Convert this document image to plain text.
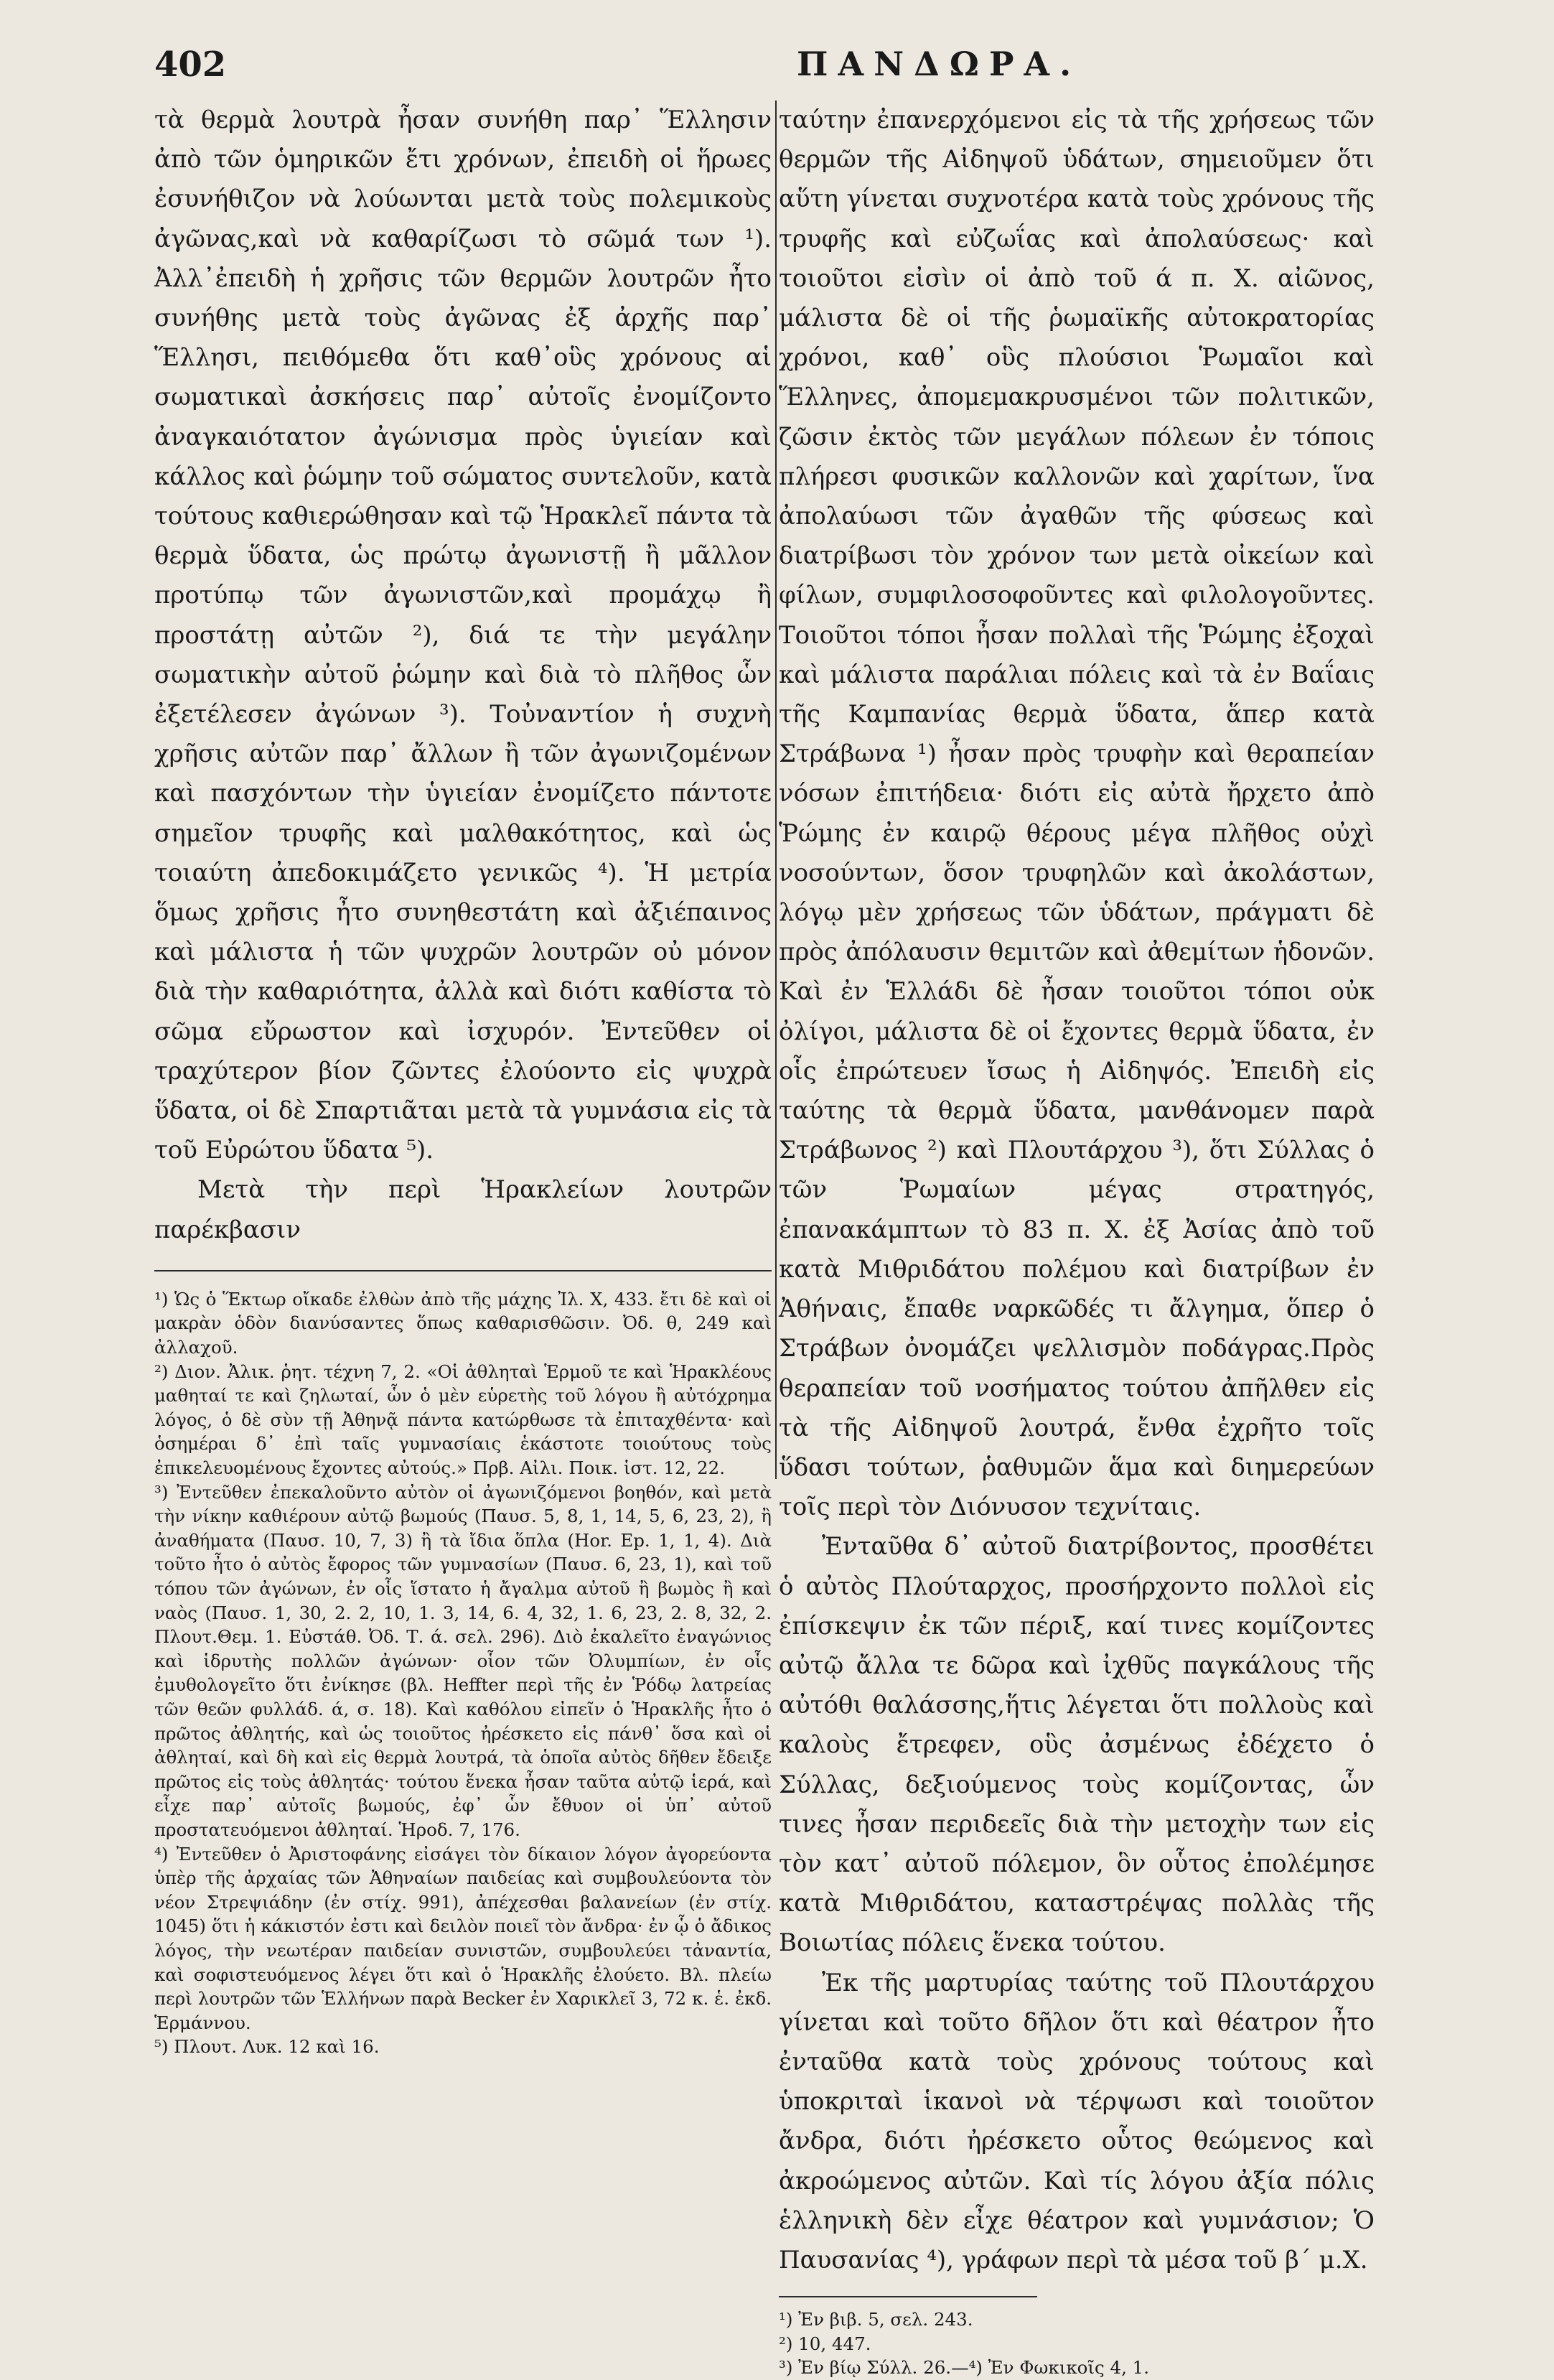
402	ΠΑΝΔΩΡΑ.

τὰ θερμὰ λουτρὰ ἦσαν συνήθη παρ᾽ Ἕλλησιν ἀπὸ τῶν ὁμηρικῶν ἔτι χρόνων, ἐπειδὴ οἱ ἥρωες ἐσυνήθιζον νὰ λούωνται μετὰ τοὺς πολεμικοὺς ἀγῶνας,καὶ νὰ καθαρίζωσι τὸ σῶμά των ¹). Ἀλλ᾽ἐπειδὴ ἡ χρῆσις τῶν θερμῶν λουτρῶν ἦτο συνήθης μετὰ τοὺς ἀγῶνας ἐξ ἀρχῆς παρ᾽ Ἕλλησι, πειθόμεθα ὅτι καθ᾽οὓς χρόνους αἱ σωματικαὶ ἀσκήσεις παρ᾽ αὐτοῖς ἐνομίζοντο ἀναγκαιότατον ἀγώνισμα πρὸς ὑγιείαν καὶ κάλλος καὶ ῥώμην τοῦ σώματος συντελοῦν, κατὰ τούτους καθιερώθησαν καὶ τῷ Ἡρακλεῖ πάντα τὰ θερμὰ ὕδατα, ὡς πρώτῳ ἀγωνιστῇ ἢ μᾶλλον προτύπῳ τῶν ἀγωνιστῶν,καὶ προμάχῳ ἢ προστάτῃ αὐτῶν ²), διά τε τὴν μεγάλην σωματικὴν αὐτοῦ ῥώμην καὶ διὰ τὸ πλῆθος ὧν ἐξετέλεσεν ἀγώνων ³). Τοὐναντίον ἡ συχνὴ χρῆσις αὐτῶν παρ᾽ ἄλλων ἢ τῶν ἀγωνιζομένων καὶ πασχόντων τὴν ὑγιείαν ἐνομίζετο πάντοτε σημεῖον τρυφῆς καὶ μαλθακότητος, καὶ ὡς τοιαύτη ἀπεδοκιμάζετο γενικῶς ⁴). Ἡ μετρία ὅμως χρῆσις ἦτο συνηθεστάτη καὶ ἀξιέπαινος καὶ μάλιστα ἡ τῶν ψυχρῶν λουτρῶν οὐ μόνον διὰ τὴν καθαριότητα, ἀλλὰ καὶ διότι καθίστα τὸ σῶμα εὔρωστον καὶ ἰσχυρόν. Ἐντεῦθεν οἱ τραχύτερον βίον ζῶντες ἐλούοντο εἰς ψυχρὰ ὕδατα, οἱ δὲ Σπαρτιᾶται μετὰ τὰ γυμνάσια εἰς τὰ τοῦ Εὐρώτου ὕδατα ⁵).

Μετὰ τὴν περὶ Ἡρακλείων λουτρῶν παρέκβασιν

¹) Ὡς ὁ Ἕκτωρ οἴκαδε ἐλθὼν ἀπὸ τῆς μάχης Ἰλ. Χ, 433. ἔτι δὲ καὶ οἱ μακρὰν ὁδὸν διανύσαντες ὅπως καθαρισθῶσιν. Ὀδ. θ, 249 καὶ ἀλλαχοῦ.

²) Διον. Ἀλικ. ῥητ. τέχνη 7, 2. «Οἱ ἀθληταὶ Ἑρμοῦ τε καὶ Ἡρακλέους μαθηταί τε καὶ ζηλωταί, ὧν ὁ μὲν εὑρετὴς τοῦ λόγου ἢ αὐτόχρημα λόγος, ὁ δὲ σὺν τῇ Ἀθηνᾷ πάντα κατώρθωσε τὰ ἐπιταχθέντα· καὶ ὁσημέραι δ᾽ ἐπὶ ταῖς γυμνασίαις ἑκάστοτε τοιούτους τοὺς ἐπικελευομένους ἔχοντες αὐτούς.» Πρβ. Αἰλι. Ποικ. ἱστ. 12, 22.

³) Ἐντεῦθεν ἐπεκαλοῦντο αὐτὸν οἱ ἀγωνιζόμενοι βοηθόν, καὶ μετὰ τὴν νίκην καθιέρουν αὐτῷ βωμούς (Παυσ. 5, 8, 1, 14, 5, 6, 23, 2), ἢ ἀναθήματα (Παυσ. 10, 7, 3) ἢ τὰ ἴδια ὅπλα (Hor. Ep. 1, 1, 4). Διὰ τοῦτο ἦτο ὁ αὐτὸς ἔφορος τῶν γυμνασίων (Παυσ. 6, 23, 1), καὶ τοῦ τόπου τῶν ἀγώνων, ἐν οἷς ἵστατο ἡ ἄγαλμα αὐτοῦ ἢ βωμὸς ἢ καὶ ναὸς (Παυσ. 1, 30, 2. 2, 10, 1. 3, 14, 6. 4, 32, 1. 6, 23, 2. 8, 32, 2. Πλουτ.Θεμ. 1. Εὐστάθ. Ὀδ. Τ. ά. σελ. 296). Διὸ ἐκαλεῖτο ἐναγώνιος καὶ ἱδρυτὴς πολλῶν ἀγώνων· οἷον τῶν Ὀλυμπίων, ἐν οἷς ἐμυθολογεῖτο ὅτι ἐνίκησε (βλ. Heffter περὶ τῆς ἐν Ῥόδῳ λατρείας τῶν θεῶν φυλλάδ. ά, σ. 18). Καὶ καθόλου εἰπεῖν ὁ Ἡρακλῆς ἦτο ὁ πρῶτος ἀθλητής, καὶ ὡς τοιοῦτος ἠρέσκετο εἰς πάνθ᾽ ὅσα καὶ οἱ ἀθληταί, καὶ δὴ καὶ εἰς θερμὰ λουτρά, τὰ ὁποῖα αὐτὸς δῆθεν ἔδειξε πρῶτος εἰς τοὺς ἀθλητάς· τούτου ἕνεκα ἦσαν ταῦτα αὐτῷ ἱερά, καὶ εἶχε παρ᾽ αὐτοῖς βωμούς, ἐφ᾽ ὧν ἔθυον οἱ ὑπ᾽ αὐτοῦ προστατευόμενοι ἀθληταί. Ἡροδ. 7, 176.

⁴) Ἐντεῦθεν ὁ Ἀριστοφάνης εἰσάγει τὸν δίκαιον λόγον ἀγορεύοντα ὑπὲρ τῆς ἀρχαίας τῶν Ἀθηναίων παιδείας καὶ συμβουλεύοντα τὸν νέον Στρεψιάδην (ἐν στίχ. 991), ἀπέχεσθαι βαλανείων (ἐν στίχ. 1045) ὅτι ἡ κάκιστόν ἐστι καὶ δειλὸν ποιεῖ τὸν ἄνδρα· ἐν ᾧ ὁ ἄδικος λόγος, τὴν νεωτέραν παιδείαν συνιστῶν, συμβουλεύει τἀναντία, καὶ σοφιστευόμενος λέγει ὅτι καὶ ὁ Ἡρακλῆς ἐλούετο. Βλ. πλείω περὶ λουτρῶν τῶν Ἑλλήνων παρὰ Becker ἐν Χαρικλεῖ 3, 72 κ. ἑ. ἐκδ. Ἑρμάννου.

⁵) Πλουτ. Λυκ. 12 καὶ 16.

ταύτην ἐπανερχόμενοι εἰς τὰ τῆς χρήσεως τῶν θερμῶν τῆς Αἰδηψοῦ ὑδάτων, σημειοῦμεν ὅτι αὕτη γίνεται συχνοτέρα κατὰ τοὺς χρόνους τῆς τρυφῆς καὶ εὐζωΐας καὶ ἀπολαύσεως· καὶ τοιοῦτοι εἰσὶν οἱ ἀπὸ τοῦ ά π. Χ. αἰῶνος, μάλιστα δὲ οἱ τῆς ῥωμαϊκῆς αὐτοκρατορίας χρόνοι, καθ᾽ οὓς πλούσιοι Ῥωμαῖοι καὶ Ἕλληνες, ἀπομεμακρυσμένοι τῶν πολιτικῶν, ζῶσιν ἐκτὸς τῶν μεγάλων πόλεων ἐν τόποις πλήρεσι φυσικῶν καλλονῶν καὶ χαρίτων, ἵνα ἀπολαύωσι τῶν ἀγαθῶν τῆς φύσεως καὶ διατρίβωσι τὸν χρόνον των μετὰ οἰκείων καὶ φίλων, συμφιλοσοφοῦντες καὶ φιλολογοῦντες. Τοιοῦτοι τόποι ἦσαν πολλαὶ τῆς Ῥώμης ἐξοχαὶ καὶ μάλιστα παράλιαι πόλεις καὶ τὰ ἐν Βαΐαις τῆς Καμπανίας θερμὰ ὕδατα, ἅπερ κατὰ Στράβωνα ¹) ἦσαν πρὸς τρυφὴν καὶ θεραπείαν νόσων ἐπιτήδεια· διότι εἰς αὐτὰ ἤρχετο ἀπὸ Ῥώμης ἐν καιρῷ θέρους μέγα πλῆθος οὐχὶ νοσούντων, ὅσον τρυφηλῶν καὶ ἀκολάστων, λόγῳ μὲν χρήσεως τῶν ὑδάτων, πράγματι δὲ πρὸς ἀπόλαυσιν θεμιτῶν καὶ ἀθεμίτων ἡδονῶν. Καὶ ἐν Ἑλλάδι δὲ ἦσαν τοιοῦτοι τόποι οὐκ ὀλίγοι, μάλιστα δὲ οἱ ἔχοντες θερμὰ ὕδατα, ἐν οἷς ἐπρώτευεν ἴσως ἡ Αἰδηψός. Ἐπειδὴ εἰς ταύτης τὰ θερμὰ ὕδατα, μανθάνομεν παρὰ Στράβωνος ²) καὶ Πλουτάρχου ³), ὅτι Σύλλας ὁ τῶν Ῥωμαίων μέγας στρατηγός, ἐπανακάμπτων τὸ 83 π. Χ. ἐξ Ἀσίας ἀπὸ τοῦ κατὰ Μιθριδάτου πολέμου καὶ διατρίβων ἐν Ἀθήναις, ἔπαθε ναρκῶδές τι ἄλγημα, ὅπερ ὁ Στράβων ὀνομάζει ψελλισμὸν ποδάγρας.Πρὸς θεραπείαν τοῦ νοσήματος τούτου ἀπῆλθεν εἰς τὰ τῆς Αἰδηψοῦ λουτρά, ἔνθα ἐχρῆτο τοῖς ὕδασι τούτων, ῥαθυμῶν ἅμα καὶ διημερεύων τοῖς περὶ τὸν Διόνυσον τεχνίταις.

Ἐνταῦθα δ᾽ αὐτοῦ διατρίβοντος, προσθέτει ὁ αὐτὸς Πλούταρχος, προσήρχοντο πολλοὶ εἰς ἐπίσκεψιν ἐκ τῶν πέριξ, καί τινες κομίζοντες αὐτῷ ἄλλα τε δῶρα καὶ ἰχθῦς παγκάλους τῆς αὐτόθι θαλάσσης,ἥτις λέγεται ὅτι πολλοὺς καὶ καλοὺς ἔτρεφεν, οὓς ἀσμένως ἐδέχετο ὁ Σύλλας, δεξιούμενος τοὺς κομίζοντας, ὧν τινες ἦσαν περιδεεῖς διὰ τὴν μετοχὴν των εἰς τὸν κατ᾽ αὐτοῦ πόλεμον, ὃν οὗτος ἐπολέμησε κατὰ Μιθριδάτου, καταστρέψας πολλὰς τῆς Βοιωτίας πόλεις ἕνεκα τούτου.

Ἐκ τῆς μαρτυρίας ταύτης τοῦ Πλουτάρχου γίνεται καὶ τοῦτο δῆλον ὅτι καὶ θέατρον ἦτο ἐνταῦθα κατὰ τοὺς χρόνους τούτους καὶ ὑποκριταὶ ἱκανοὶ νὰ τέρψωσι καὶ τοιοῦτον ἄνδρα, διότι ἠρέσκετο οὗτος θεώμενος καὶ ἀκροώμενος αὐτῶν. Καὶ τίς λόγου ἀξία πόλις ἑλληνικὴ δὲν εἶχε θέατρον καὶ γυμνάσιον; Ὁ Παυσανίας ⁴), γράφων περὶ τὰ μέσα τοῦ β΄ μ.Χ.

¹) Ἐν βιβ. 5, σελ. 243.

²) 10, 447.

³) Ἐν βίῳ Σύλλ. 26.—⁴) Ἐν Φωκικοῖς 4, 1.
